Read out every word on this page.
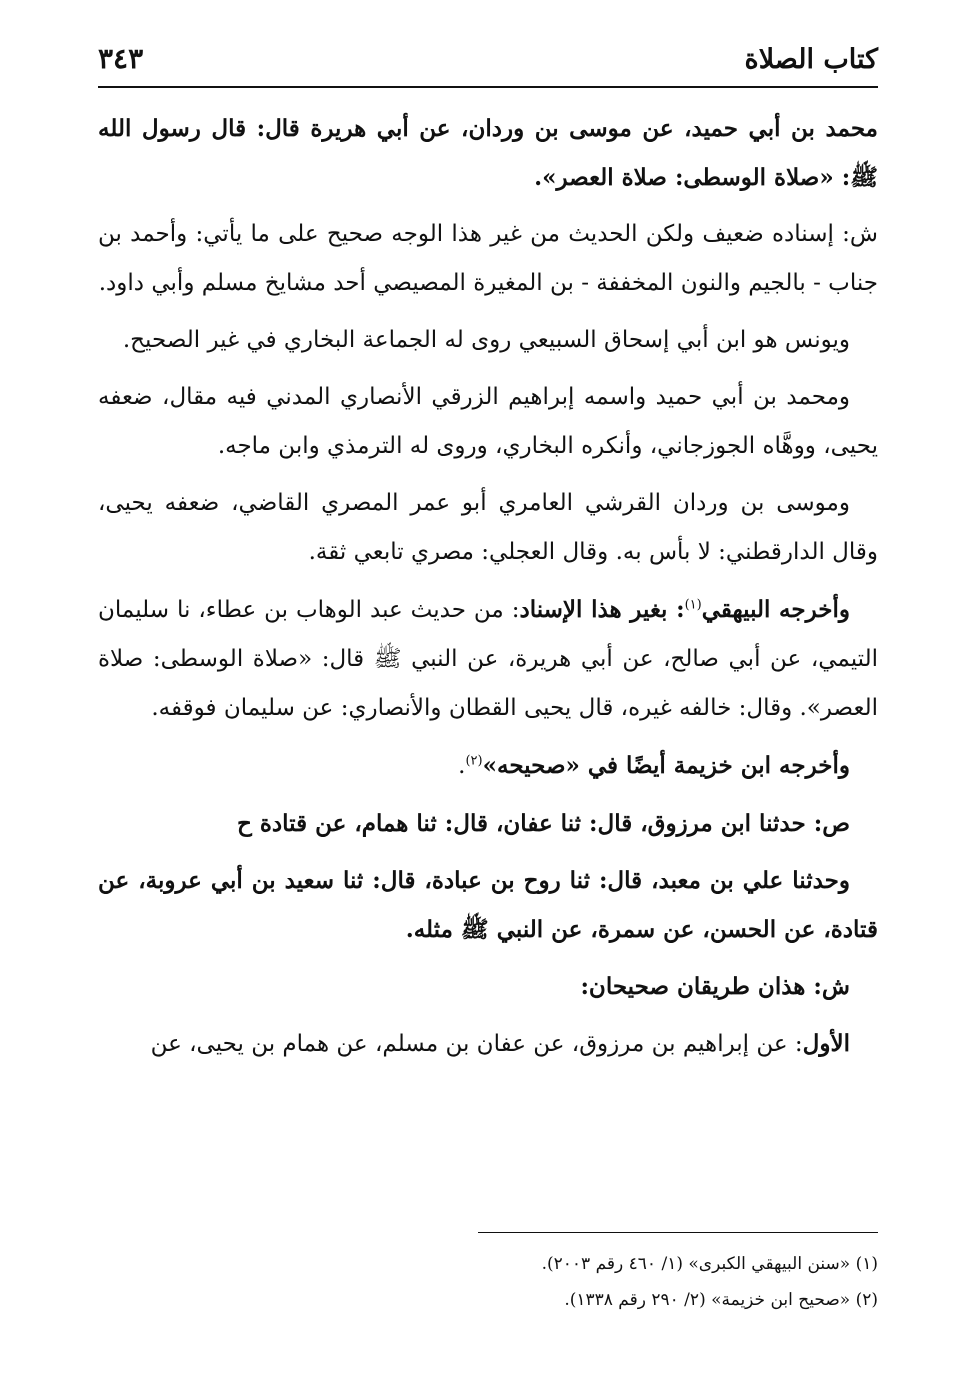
كتاب الصلاة
٣٤٣

محمد بن أبي حميد، عن موسى بن وردان، عن أبي هريرة قال: قال رسول الله ﷺ: «صلاة الوسطى: صلاة العصر».

ش: إسناده ضعيف ولكن الحديث من غير هذا الوجه صحيح على ما يأتي: وأحمد بن جناب - بالجيم والنون المخففة - بن المغيرة المصيصي أحد مشايخ مسلم وأبي داود.

ويونس هو ابن أبي إسحاق السبيعي روى له الجماعة البخاري في غير الصحيح.

ومحمد بن أبي حميد واسمه إبراهيم الزرقي الأنصاري المدني فيه مقال، ضعفه يحيى، ووهَّاه الجوزجاني، وأنكره البخاري، وروى له الترمذي وابن ماجه.

وموسى بن وردان القرشي العامري أبو عمر المصري القاضي، ضعفه يحيى، وقال الدارقطني: لا بأس به. وقال العجلي: مصري تابعي ثقة.

وأخرجه البيهقي$^{(١)}$: بغير هذا الإسناد: من حديث عبد الوهاب بن عطاء، نا سليمان التيمي، عن أبي صالح، عن أبي هريرة، عن النبي ﷺ قال: «صلاة الوسطى: صلاة العصر». وقال: خالفه غيره، قال يحيى القطان والأنصاري: عن سليمان فوقفه.

وأخرجه ابن خزيمة أيضًا في «صحيحه»$^{(٢)}$.

ص: حدثنا ابن مرزوق، قال: ثنا عفان، قال: ثنا همام، عن قتادة ح

وحدثنا علي بن معبد، قال: ثنا روح بن عبادة، قال: ثنا سعيد بن أبي عروبة، عن قتادة، عن الحسن، عن سمرة، عن النبي ﷺ مثله.

ش: هذان طريقان صحيحان:

الأول: عن إبراهيم بن مرزوق، عن عفان بن مسلم، عن همام بن يحيى، عن

(١) «سنن البيهقي الكبرى» (١/ ٤٦٠ رقم ٢٠٠٣).

(٢) «صحيح ابن خزيمة» (٢/ ٢٩٠ رقم ١٣٣٨).
